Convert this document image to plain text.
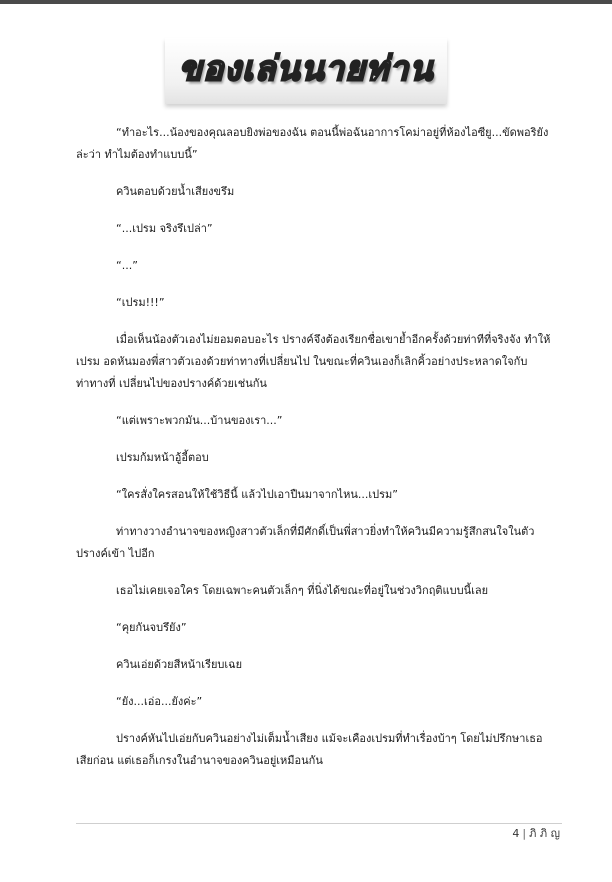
ของเล่นนายท่าน

“ทำอะไร...น้องของคุณลอบยิงพ่อของฉัน ตอนนี้พ่อฉันอาการโคม่าอยู่ที่ห้องไอซียู...ขัดพอริยังล่ะว่า ทำไมต้องทำแบบนี้”

ควินตอบด้วยน้ำเสียงขรึม

“...เปรม จริงรึเปล่า”

“...”

“เปรม!!!”

เมื่อเห็นน้องตัวเองไม่ยอมตอบอะไร ปรางค์จึงต้องเรียกชื่อเขาย้ำอีกครั้งด้วยท่าทีที่จริงจัง ทำให้เปรม อดหันมองพี่สาวตัวเองด้วยท่าทางที่เปลี่ยนไป ในขณะที่ควินเองก็เลิกคิ้วอย่างประหลาดใจกับท่าทางที่ เปลี่ยนไปของปรางค์ด้วยเช่นกัน

“แต่เพราะพวกมัน...บ้านของเรา...”

เปรมก้มหน้าอู้อี้ตอบ

“ใครสั่งใครสอนให้ใช้วิธีนี้ แล้วไปเอาปืนมาจากไหน...เปรม”

ท่าทางวางอำนาจของหญิงสาวตัวเล็กที่มีศักดิ์เป็นพี่สาวยิ่งทำให้ควินมีความรู้สึกสนใจในตัวปรางค์เข้า ไปอีก

เธอไม่เคยเจอใคร โดยเฉพาะคนตัวเล็กๆ ที่นิ่งได้ขณะที่อยู่ในช่วงวิกฤติแบบนี้เลย

“คุยกันจบรึยัง”

ควินเอ่ยด้วยสีหน้าเรียบเฉย

“ยัง...เอ่อ...ยังค่ะ”

ปรางค์หันไปเอ่ยกับควินอย่างไม่เต็มน้ำเสียง แม้จะเคืองเปรมที่ทำเรื่องบ้าๆ โดยไม่ปรึกษาเธอเสียก่อน แต่เธอก็เกรงในอำนาจของควินอยู่เหมือนกัน

4 | ภิ ภิ ญ
